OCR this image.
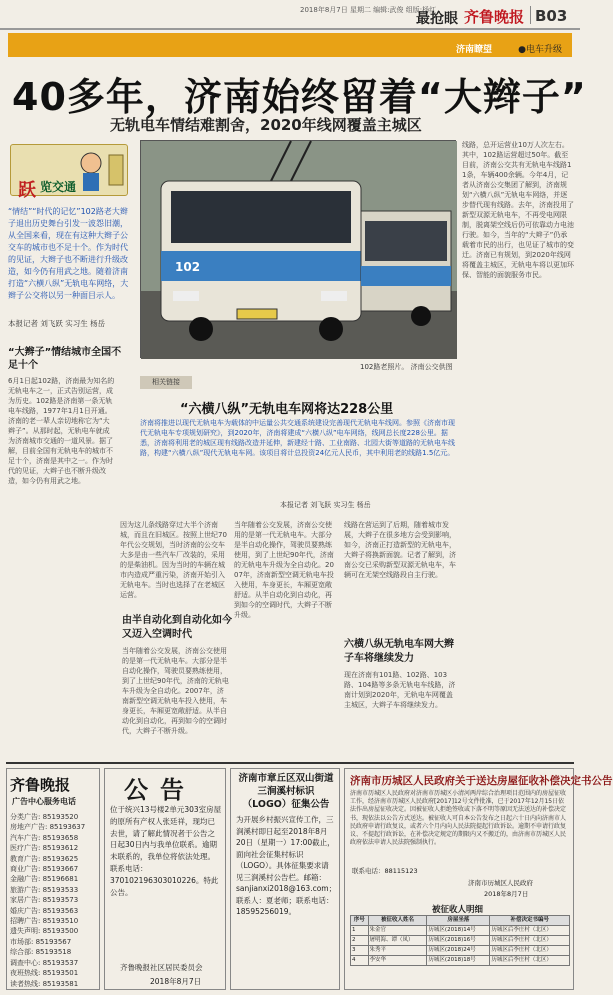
2018年8月7日 星期二 编辑:武俊 组版:杨红
最抢眼 齐鲁晚报 B03
济南瞭望	●电车升级
40多年，济南始终留着“大辫子”
无轨电车情结难割舍，2020年线网覆盖主城区
跃 览交通
“情结”“时代的记忆”102路老大辫子退出历史舞台引发一波怨旧潮，从全国来看，现在有这种大辫子公交车的城市也不足十个。作为时代的见证，大辫子也不断进行升级改造，如今仍有用武之地。随着济南打造“六横八纵”无轨电车网络，大辫子公交将以另一种面目示人。
本报记者 刘飞跃 实习生 杨岳
“大辫子”情结城市全国不足十个
6月1日起102路，济南最为知名的无轨电车之一，正式告别运营，成为历史。102路是济南第一条无轨电车线路，1977年1月1日开通。济南的老一辈人亲切地称它为“大辫子”。从那时起，无轨电车就成为济南城市交通的一道风景。据了解，目前全国有无轨电车的城市不足十个，济南是其中之一。作为时代的见证，大辫子也不断升级改造，如今仍有用武之地。
102
102路老照片。 济南公交供图
线路，总开运营业10万人次左右。其中，102路运营超过50年。截至目前，济南公交共有无轨电车线路11条，车辆400余辆。今年4月，记者从济南公交集团了解到，济南规划“六横八纵”无轨电车网络，并逐步替代现有线路。去年，济南投用了新型双源无轨电车，不再受电网限制，脱离架空线后仍可依靠动力电池行驶。如今，当年的“大辫子”仍承载着市民的出行，也见证了城市的变迁。济南已有规划，到2020年线网将覆盖主城区，无轨电车将以更加环保、智能的面貌服务市民。
相关链接
“六横八纵”无轨电车网将达228公里
济南将推进以现代无轨电车为载体的中运量公共交通系统建设完善现代无轨电车线网。参照《济南市现代无轨电车专项规划研究》，到2020年，济南将建成“六横八纵”电车网络，线网总长度228公里。据悉，济南将利用老的城区现有线路改造并延伸，新建经十路、工业南路、北园大街等道路的无轨电车线路，构建“六横八纵”现代无轨电车网。该项目将计总投资24亿元人民币，其中利用老的线路1.5亿元。
本报记者 刘飞跃 实习生 杨岳
因为这儿条线路穿过大半个济南城，而且在旧城区。按照上世纪70年代公交规划，当时济南的公交车大多是由一些汽车厂改装的，采用的是柴油机。因为当时的车辆在城市内造成严重污染，济南开始引入无轨电车。当时也选择了在老城区运营。
由半自动化到自动化如今又迈入空调时代
当年随着公交发展，济南公交使用的是第一代无轨电车。大部分是半自动化操作，驾驶员要熟练使用，到了上世纪90年代，济南的无轨电车升级为全自动化。2007年，济南新型空调无轨电车投入使用，车身更长，车厢更宽敞舒适。从半自动化到自动化，再到如今的空调时代，大辫子不断升级。
当年随着公交发展，济南公交使用的是第一代无轨电车。大部分是半自动化操作，驾驶员要熟练使用，到了上世纪90年代，济南的无轨电车升级为全自动化。2007年，济南新型空调无轨电车投入使用，车身更长，车厢更宽敞舒适。从半自动化到自动化，再到如今的空调时代，大辫子不断升级。
线路在营运到了后期，随着城市发展，大辫子在很多地方会受到影响，如今，济南正打造新型的无轨电车，大辫子将换新面貌。记者了解到，济南公交已采购新型双源无轨电车，车辆可在无架空线路段自主行驶。
六横八纵无轨电车网大辫子车将继续发力
现在济南有101路、102路、103路、104路等多条无轨电车线路，济南计划到2020年，无轨电车网覆盖主城区，大辫子车将继续发力。
齐鲁晚报
广告中心服务电话
分类广告: 85193520
房地产广告: 85193637
汽车广告: 85193658
医疗广告: 85193612
教育广告: 85193625
商业广告: 85193667
金融广告: 85196681
旅游广告: 85193533
家居广告: 85193573
婚庆广告: 85193563
招聘广告: 85193510
遗失声明: 85193500
市场部: 85193567
综合部: 85193518
调查中心: 85193537
夜班热线: 85193501
读者热线: 85193581
公告
位于统兴13号楼2单元303室房屋的原所有产权人张廷祥，现均已去世，请了解此情况者于公告之日起30日内与我单位联系。逾期未联系的，我单位将依法处理。联系电话：370102196303010226。特此公告。
齐鲁晚报社区居民委员会
2018年8月7日
济南市章丘区双山街道三涧溪村标识（LOGO）征集公告
为开展乡村振兴宣传工作，三涧溪村即日起至2018年8月20日（星期一）17:00截止，面向社会征集村标识（LOGO）。具体征集要求请见三涧溪村公告栏。邮箱：sanjianxi2018@163.com；联系人：夏老师；联系电话：18595256019。
济南市历城区人民政府关于送达房屋征收补偿决定书公告
济南市历城区人民政府对济南市历城区小清河两岸综合治理项目范围内的房屋征收工作，经济南市历城区人民政府[2017]12号文件批准，已于2017年12月15日依法作出房屋征收决定。因被征收人拒绝签收或下落不明等原因无法送达的补偿决定书，现依法以公告方式送达。被征收人可自本公告发布之日起六十日内向济南市人民政府申请行政复议，或者六个月内向人民法院提起行政诉讼。逾期不申请行政复议、不提起行政诉讼，在补偿决定规定的期限内又不搬迁的，由济南市历城区人民政府依法申请人民法院强制执行。
联系电话：88115123
济南市历城区人民政府
2018年8月7日
被征收人明细
序号	被征收人姓名	房屋坐落	补偿决定书编号
1	朱金官	历城区(2018)14号	历城区后李庄村（北区）
2	屠明海、谭（凤）	历城区(2018)16号	历城区后李庄村（北区）
3	朱秀平	历城区(2018)24号	历城区后李庄村（北区）
4	李安华	历城区(2018)18号	历城区后李庄村（北区）
